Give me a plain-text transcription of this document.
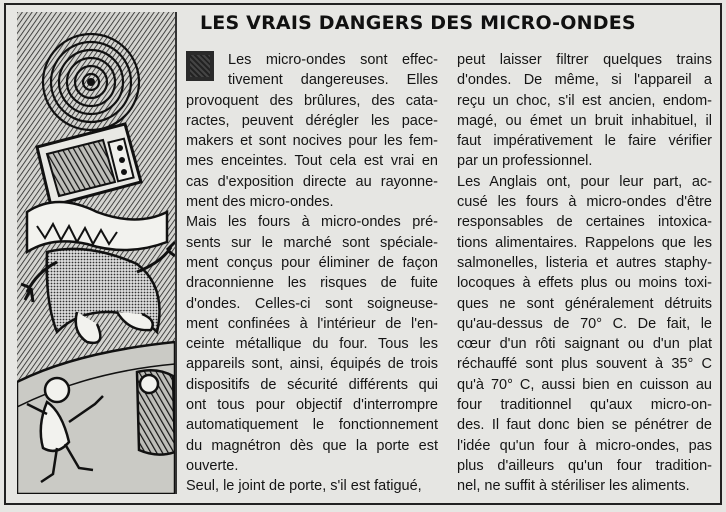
LES VRAIS DANGERS DES MICRO-ONDES
Les micro-ondes sont effec-
tivement dangereuses. Elles
provoquent des brûlures, des cata-
ractes, peuvent dérégler les pace-
makers et sont nocives pour les fem-
mes enceintes. Tout cela est vrai en
cas d'exposition directe au rayonne-
ment des micro-ondes.
Mais les fours à micro-ondes pré-
sents sur le marché sont spéciale-
ment conçus pour éliminer de façon
draconnienne les risques de fuite
d'ondes. Celles-ci sont soigneuse-
ment confinées à l'intérieur de l'en-
ceinte métallique du four. Tous les
appareils sont, ainsi, équipés de trois
dispositifs de sécurité différents qui
ont tous pour objectif d'interrompre
automatiquement le fonctionnement
du magnétron dès que la porte est
ouverte.
Seul, le joint de porte, s'il est fatigué,
peut laisser filtrer quelques trains
d'ondes. De même, si l'appareil a
reçu un choc, s'il est ancien, endom-
magé, ou émet un bruit inhabituel, il
faut impérativement le faire vérifier
par un professionnel.
Les Anglais ont, pour leur part, ac-
cusé les fours à micro-ondes d'être
responsables de certaines intoxica-
tions alimentaires. Rappelons que les
salmonelles, listeria et autres staphy-
locoques à effets plus ou moins toxi-
ques ne sont généralement détruits
qu'au-dessus de 70° C. De fait, le
cœur d'un rôti saignant ou d'un plat
réchauffé sont plus souvent à 35° C
qu'à 70° C, aussi bien en cuisson au
four traditionnel qu'aux micro-on-
des. Il faut donc bien se pénétrer de
l'idée qu'un four à micro-ondes, pas
plus d'ailleurs qu'un four tradition-
nel, ne suffit à stériliser les aliments.
